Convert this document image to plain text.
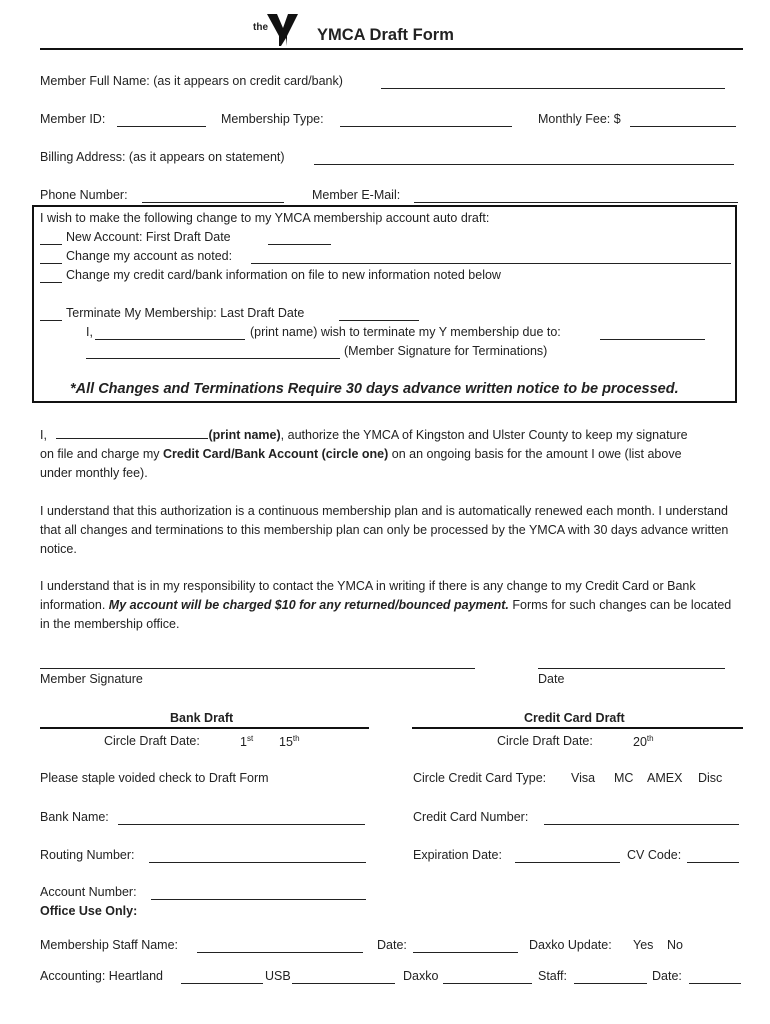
the	YMCA Draft Form
Member Full Name: (as it appears on credit card/bank)
Member ID:	Membership Type:	Monthly Fee: $
Billing Address: (as it appears on statement)
Phone Number:	Member E-Mail:
I wish to make the following change to my YMCA membership account auto draft:
New Account: First Draft Date
Change my account as noted:
Change my credit card/bank information on file to new information noted below
Terminate My Membership: Last Draft Date
I,	(print name) wish to terminate my Y membership due to:
(Member Signature for Terminations)
*All Changes and Terminations Require 30 days advance written notice to be processed.
I,	(print name), authorize the YMCA of Kingston and Ulster County to keep my signature
on file and charge my Credit Card/Bank Account (circle one) on an ongoing basis for the amount I owe (list above
under monthly fee).
I understand that this authorization is a continuous membership plan and is automatically renewed each month. I understand that all changes and terminations to this membership plan can only be processed by the YMCA with 30 days advance written notice.
I understand that is in my responsibility to contact the YMCA in writing if there is any change to my Credit Card or Bank information. My account will be charged $10 for any returned/bounced payment. Forms for such changes can be located in the membership office.
Member Signature	Date
Bank Draft
Circle Draft Date:	1st 15th
Please staple voided check to Draft Form
Bank Name:
Routing Number:
Account Number:
Credit Card Draft
Circle Draft Date:	20th
Circle Credit Card Type: Visa MC AMEX Disc
Credit Card Number:
Expiration Date:	CV Code:
Office Use Only:
Membership Staff Name:	Date:	Daxko Update: Yes No
Accounting: Heartland	USB	Daxko	Staff:	Date:
